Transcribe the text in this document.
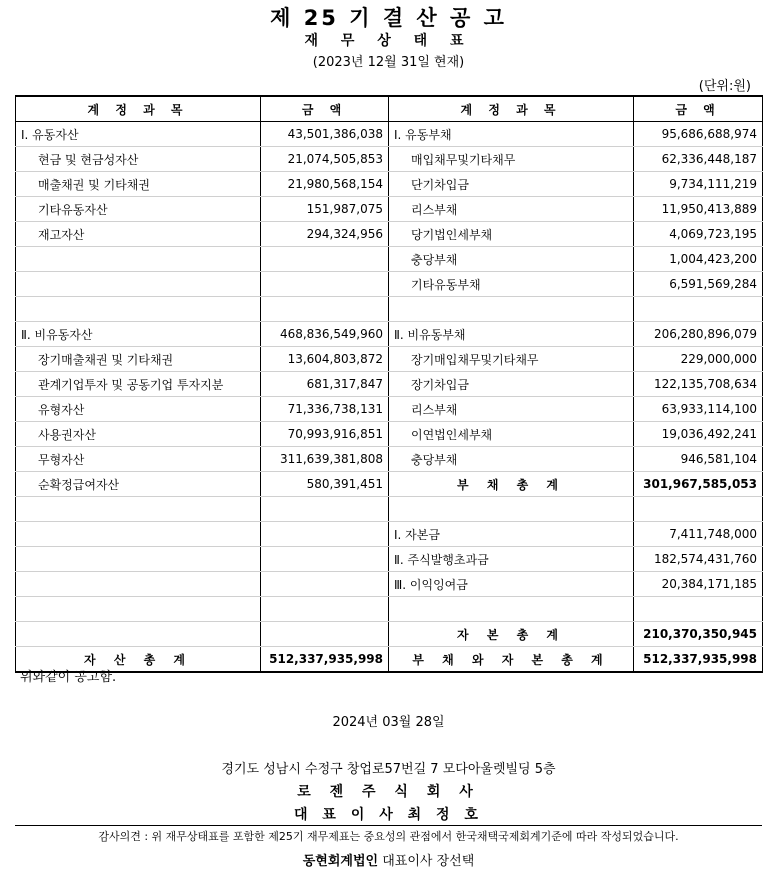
제 25 기 결 산 공 고
재 무 상 태 표
(2023년 12월 31일 현재)
(단위:원)
계 정 과 목	금 액	계 정 과 목	금 액
Ⅰ. 유동자산	43,501,386,038	Ⅰ. 유동부채	95,686,688,974
현금 및 현금성자산	21,074,505,853	매입채무및기타채무	62,336,448,187
매출채권 및 기타채권	21,980,568,154	단기차입금	9,734,111,219
기타유동자산	151,987,075	리스부채	11,950,413,889
재고자산	294,324,956	당기법인세부채	4,069,723,195
		충당부채	1,004,423,200
		기타유동부채	6,591,569,284

Ⅱ. 비유동자산	468,836,549,960	Ⅱ. 비유동부채	206,280,896,079
장기매출채권 및 기타채권	13,604,803,872	장기매입채무및기타채무	229,000,000
관계기업투자 및 공동기업 투자지분	681,317,847	장기차입금	122,135,708,634
유형자산	71,336,738,131	리스부채	63,933,114,100
사용권자산	70,993,916,851	이연법인세부채	19,036,492,241
무형자산	311,639,381,808	충당부채	946,581,104
순확정급여자산	580,391,451	부 채 총 계	301,967,585,053

		Ⅰ. 자본금	7,411,748,000
		Ⅱ. 주식발행초과금	182,574,431,760
		Ⅲ. 이익잉여금	20,384,171,185

		자 본 총 계	210,370,350,945
자 산 총 계	512,337,935,998	부 채 와 자 본 총 계	512,337,935,998
위와같이 공고함.
2024년 03월 28일
경기도 성남시 수정구 창업로57번길 7 모다아울렛빌딩 5층
로 젠 주 식 회 사
대 표 이 사 최 정 호
감사의견 : 위 재무상태표를 포함한 제25기 재무제표는 중요성의 관점에서 한국채택국제회계기준에 따라 작성되었습니다.
동현회계법인 대표이사 장선택
